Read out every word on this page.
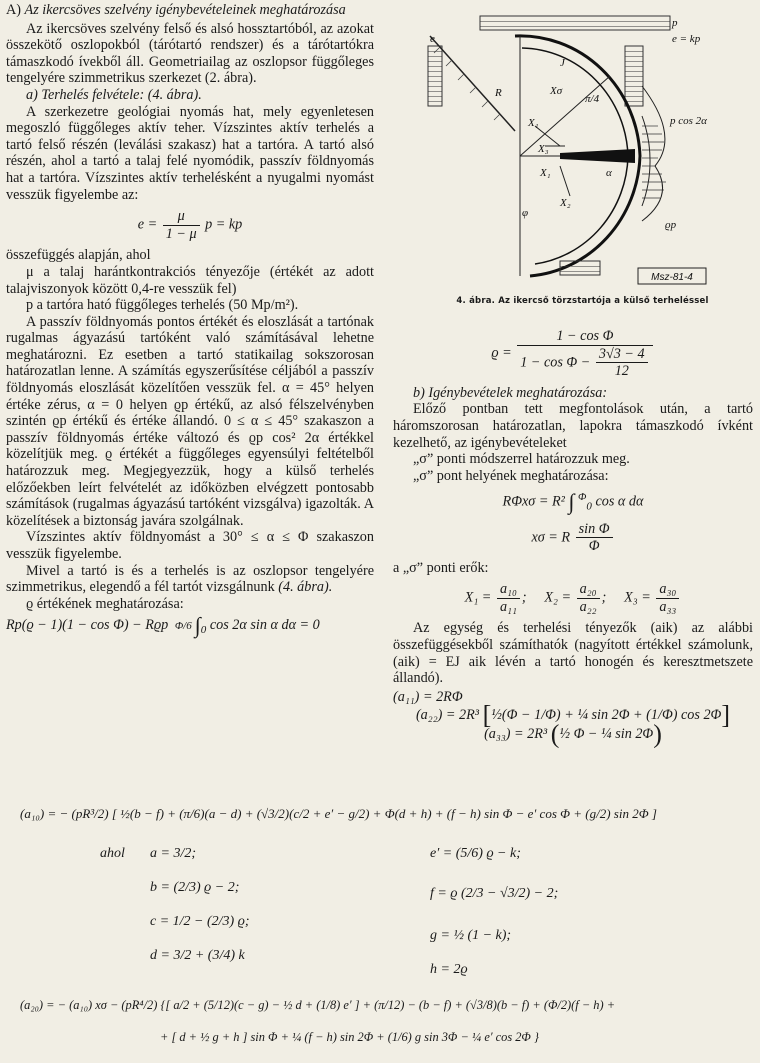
A) Az ikercsöves szelvény igénybevételeinek meghatározása

Az ikercsöves szelvény felső és alsó hossztartóból, az azokat összekötő oszlopokból (tárótartó rendszer) és a tárótartókra támaszkodó ívekből áll. Geometriailag az oszlopsor függőleges tengelyére szimmetrikus szerkezet (2. ábra).

a) Terhelés felvétele: (4. ábra).

A szerkezetre geológiai nyomás hat, mely egyenletesen megoszló függőleges aktív teher. Vízszintes aktív terhelés a tartó felső részén (leválási szakasz) hat a tartóra. A tartó alsó részén, ahol a tartó a talaj felé nyomódik, passzív földnyomás hat a tartóra. Vízszintes aktív terhelésként a nyugalmi nyomást vesszük figyelembe az:

$e = \frac{\mu}{1 - \mu}$ p = kp

összefüggés alapján, ahol

μ a talaj harántkontrakciós tényezője (értékét az adott talajviszonyok között 0,4-re vesszük fel)

p a tartóra ható függőleges terhelés (50 Mp/m²).

A passzív földnyomás pontos értékét és eloszlását a tartónak rugalmas ágyazású tartóként való számításával lehetne meghatározni. Ez esetben a tartó statikailag sokszorosan határozatlan lenne. A számítás egyszerűsítése céljából a passzív földnyomás eloszlását közelítően vesszük fel. α = 45° helyen értéke zérus, α = 0 helyen ϱp értékű, az alsó félszelvényben szintén ϱp értékű és értéke állandó. 0 ≤ α ≤ 45° szakaszon a passzív földnyomás értéke változó és ϱp cos² 2α értékkel közelítjük meg. ϱ értékét a függőleges egyensúlyi feltételből határozzuk meg. Megjegyezzük, hogy a külső terhelés előzőekben leírt felvételét az időközben elvégzett pontosabb számítások (rugalmas ágyazású tartóként vizsgálva) igazolták. A közelítések a biztonság javára szolgálnak.

Vízszintes aktív földnyomást a 30° ≤ α ≤ Φ szakaszon vesszük figyelembe.

Mivel a tartó is és a terhelés is az oszlopsor tengelyére szimmetrikus, elegendő a fél tartót vizsgálnunk (4. ábra).

ϱ értékének meghatározása:

Rp(ϱ − 1)(1 − cos Φ) − Rϱp Φ/6 $\int_0$ cos 2α sin α dα = 0
e	e = kp
p
p cos 2α
ϱp
J
R
X₁
X₃
X₂
X₁
Xσ
π/4
α
φ
Msz-81-4
4. ábra. Az ikercső törzstartója a külső terheléssel
$ϱ = \frac{\text{1 − cos Φ}}{1 - \cos \Phi - \frac{3√3 - 4}{12}}$

b) Igénybevételek meghatározása:

Előző pontban tett megfontolások után, a tartó háromszorosan határozatlan, lapokra támaszkodó ívként kezelhető, az igénybevételeket

„σ” ponti módszerrel határozzuk meg.

„σ” pont helyének meghatározása:

RΦxσ = R² ∫ $^\Phi_0$ cos α dα
xσ = R $\frac{\text{sin Φ}}{\Phi}$

a „σ” ponti erők:

$X_1 = \frac{\text{a₁₀}}{\text{a₁₁}}$ ; $X_2 = \frac{\text{a₂₀}}{\text{a₂₂}}$ ; $X_3 = \frac{\text{a₃₀}}{\text{a₃₃}}$

Az egység és terhelési tényezők (aik) az alábbi összefüggésekből számíthatók (nagyított értékkel számolunk, (aik) = EJ aik lévén a tartó honogén és keresztmetszete állandó).

(a₁₁) = 2RΦ
(a₂₂) = 2R³ [½(Φ − 1/Φ) + ¼ sin 2Φ + (1/Φ) cos 2Φ]
(a₃₃) = 2R³ (½ Φ − ¼ sin 2Φ)
(a₁₀) = − (pR³/2) [ ½(b − f) + (π/6)(a − d) + (√3/2)(c/2 + e′ − g/2) + Φ(d + h) + (f − h) sin Φ − e′ cos Φ + (g/2) sin 2Φ ]
ahol a = 3/2;
b = (2/3) ϱ − 2;
c = 1/2 − (2/3) ϱ;
d = 3/2 + (3/4) k
e′ = (5/6) ϱ − k;
f = ϱ (2/3 − √3/2) − 2;
g = ½ (1 − k);
h = 2ϱ
(a₂₀) = − (a₁₀) xσ − (pR⁴/2) {[ a/2 + (5/12)(c − g) − ½ d + (1/8) e′ ] + (π/12) − (b − f) + (√3/8)(b − f) + (Φ/2)(f − h) +
+ [ d + ½ g + h ] sin Φ + ¼ (f − h) sin 2Φ + (1/6) g sin 3Φ − ¼ e′ cos 2Φ }
